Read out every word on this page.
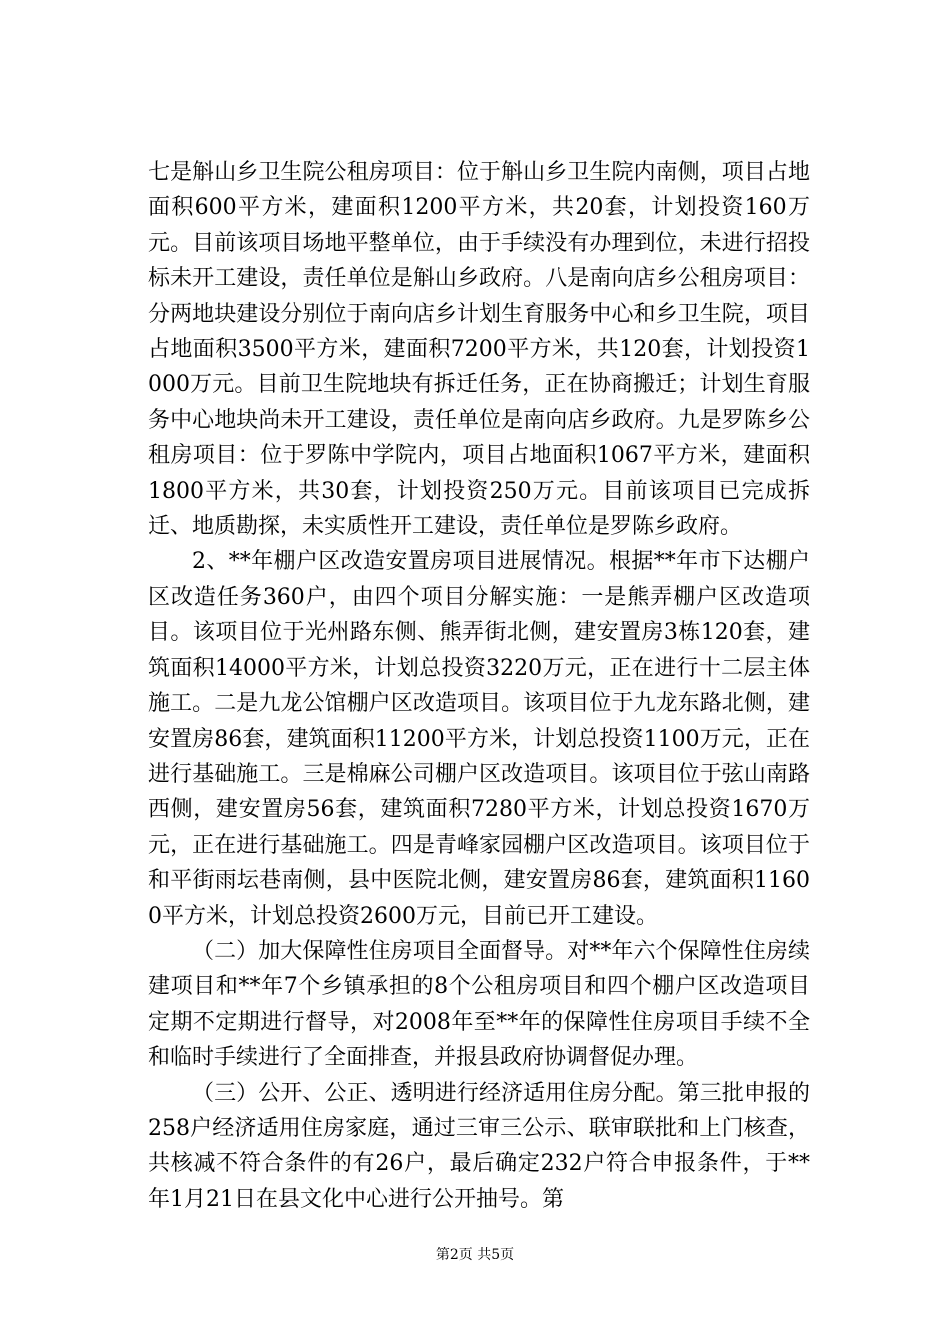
七是斛山乡卫生院公租房项目：位于斛山乡卫生院内南侧，项目占地面积600平方米，建面积1200平方米，共20套，计划投资160万元。目前该项目场地平整单位，由于手续没有办理到位，未进行招投标未开工建设，责任单位是斛山乡政府。八是南向店乡公租房项目：分两地块建设分别位于南向店乡计划生育服务中心和乡卫生院，项目占地面积3500平方米，建面积7200平方米，共120套，计划投资1000万元。目前卫生院地块有拆迁任务，正在协商搬迁；计划生育服务中心地块尚未开工建设，责任单位是南向店乡政府。九是罗陈乡公租房项目：位于罗陈中学院内，项目占地面积1067平方米，建面积1800平方米，共30套，计划投资250万元。目前该项目已完成拆迁、地质勘探，未实质性开工建设，责任单位是罗陈乡政府。

2、**年棚户区改造安置房项目进展情况。根据**年市下达棚户区改造任务360户，由四个项目分解实施：一是熊弄棚户区改造项目。该项目位于光州路东侧、熊弄街北侧，建安置房3栋120套，建筑面积14000平方米，计划总投资3220万元，正在进行十二层主体施工。二是九龙公馆棚户区改造项目。该项目位于九龙东路北侧，建安置房86套，建筑面积11200平方米，计划总投资1100万元，正在进行基础施工。三是棉麻公司棚户区改造项目。该项目位于弦山南路西侧，建安置房56套，建筑面积7280平方米，计划总投资1670万元，正在进行基础施工。四是青峰家园棚户区改造项目。该项目位于和平街雨坛巷南侧，县中医院北侧，建安置房86套，建筑面积11600平方米，计划总投资2600万元，目前已开工建设。

（二）加大保障性住房项目全面督导。对**年六个保障性住房续建项目和**年7个乡镇承担的8个公租房项目和四个棚户区改造项目定期不定期进行督导，对2008年至**年的保障性住房项目手续不全和临时手续进行了全面排查，并报县政府协调督促办理。

（三）公开、公正、透明进行经济适用住房分配。第三批申报的258户经济适用住房家庭，通过三审三公示、联审联批和上门核查，共核减不符合条件的有26户，最后确定232户符合申报条件，于**年1月21日在县文化中心进行公开抽号。第

第2页 共5页
